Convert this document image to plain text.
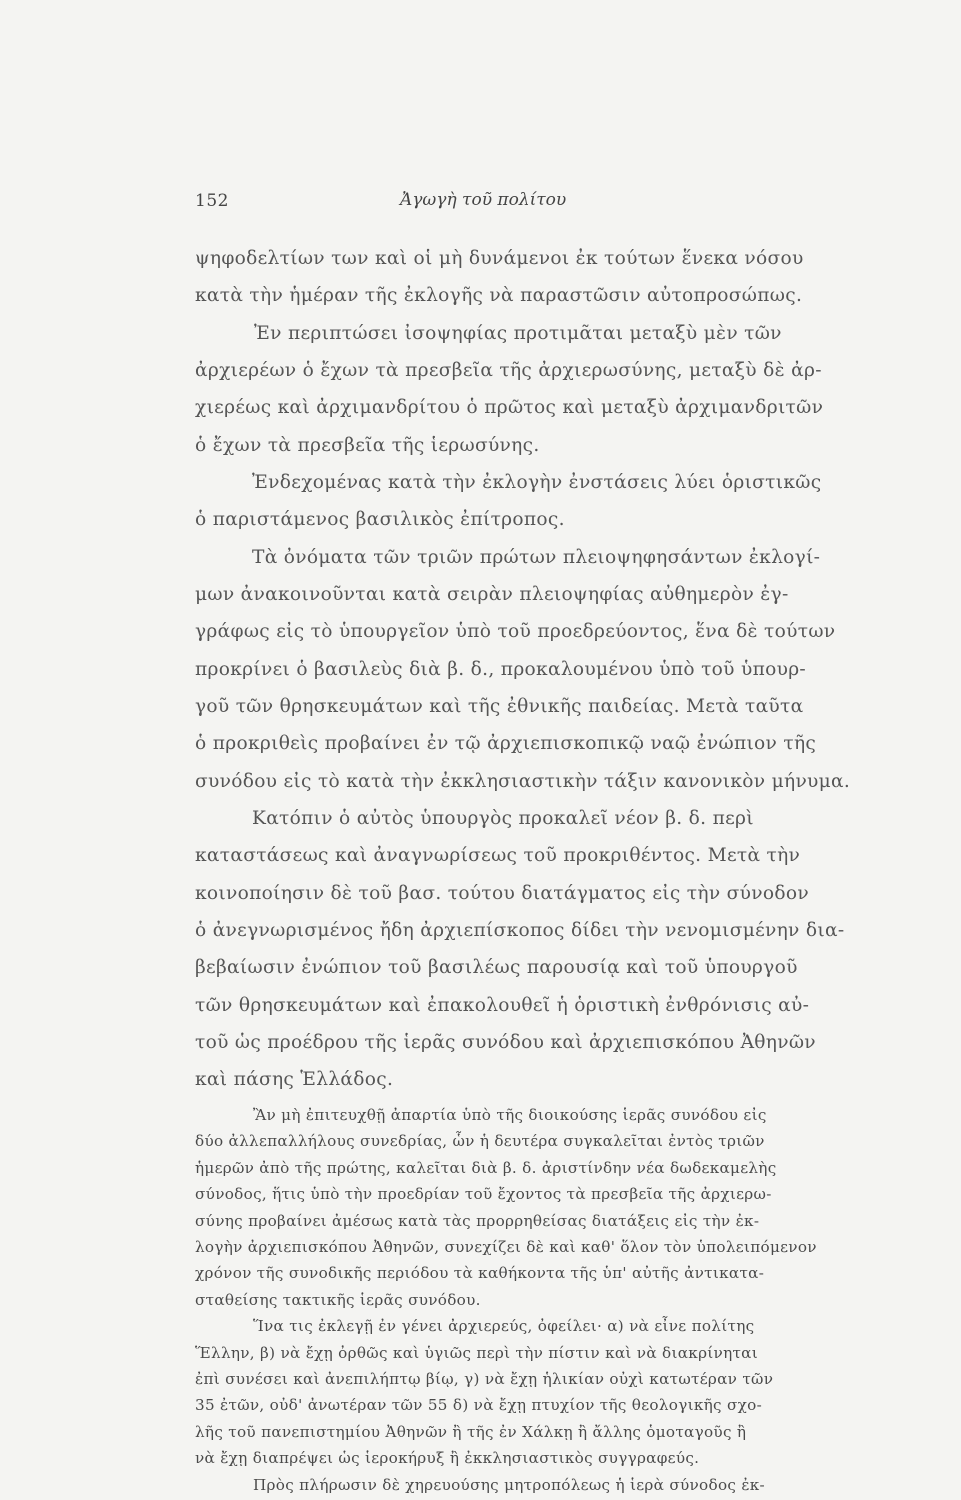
152	Ἀγωγὴ τοῦ πολίτου
ψηφοδελτίων των καὶ οἱ μὴ δυνάμενοι ἐκ τούτων ἕνεκα νόσου
κατὰ τὴν ἡμέραν τῆς ἐκλογῆς νὰ παραστῶσιν αὐτοπροσώπως.
Ἐν περιπτώσει ἰσοψηφίας προτιμᾶται μεταξὺ μὲν τῶν
ἀρχιερέων ὁ ἔχων τὰ πρεσβεῖα τῆς ἀρχιερωσύνης, μεταξὺ δὲ ἀρ-
χιερέως καὶ ἀρχιμανδρίτου ὁ πρῶτος καὶ μεταξὺ ἀρχιμανδριτῶν
ὁ ἔχων τὰ πρεσβεῖα τῆς ἱερωσύνης.
Ἐνδεχομένας κατὰ τὴν ἐκλογὴν ἐνστάσεις λύει ὁριστικῶς
ὁ παριστάμενος βασιλικὸς ἐπίτροπος.
Τὰ ὀνόματα τῶν τριῶν πρώτων πλειοψηφησάντων ἐκλογί-
μων ἀνακοινοῦνται κατὰ σειρὰν πλειοψηφίας αὐθημερὸν ἐγ-
γράφως εἰς τὸ ὑπουργεῖον ὑπὸ τοῦ προεδρεύοντος, ἕνα δὲ τούτων
προκρίνει ὁ βασιλεὺς διὰ β. δ., προκαλουμένου ὑπὸ τοῦ ὑπουρ-
γοῦ τῶν θρησκευμάτων καὶ τῆς ἐθνικῆς παιδείας. Μετὰ ταῦτα
ὁ προκριθεὶς προβαίνει ἐν τῷ ἀρχιεπισκοπικῷ ναῷ ἐνώπιον τῆς
συνόδου εἰς τὸ κατὰ τὴν ἐκκλησιαστικὴν τάξιν κανονικὸν μήνυμα.
Κατόπιν ὁ αὐτὸς ὑπουργὸς προκαλεῖ νέον β. δ. περὶ
καταστάσεως καὶ ἀναγνωρίσεως τοῦ προκριθέντος. Μετὰ τὴν
κοινοποίησιν δὲ τοῦ βασ. τούτου διατάγματος εἰς τὴν σύνοδον
ὁ ἀνεγνωρισμένος ἤδη ἀρχιεπίσκοπος δίδει τὴν νενομισμένην δια-
βεβαίωσιν ἐνώπιον τοῦ βασιλέως παρουσίᾳ καὶ τοῦ ὑπουργοῦ
τῶν θρησκευμάτων καὶ ἐπακολουθεῖ ἡ ὁριστικὴ ἐνθρόνισις αὐ-
τοῦ ὡς προέδρου τῆς ἱερᾶς συνόδου καὶ ἀρχιεπισκόπου Ἀθηνῶν
καὶ πάσης Ἑλλάδος.
Ἂν μὴ ἐπιτευχθῇ ἀπαρτία ὑπὸ τῆς διοικούσης ἱερᾶς συνόδου εἰς
δύο ἀλλεπαλλήλους συνεδρίας, ὧν ἡ δευτέρα συγκαλεῖται ἐντὸς τριῶν
ἡμερῶν ἀπὸ τῆς πρώτης, καλεῖται διὰ β. δ. ἀριστίνδην νέα δωδεκαμελὴς
σύνοδος, ἥτις ὑπὸ τὴν προεδρίαν τοῦ ἔχοντος τὰ πρεσβεῖα τῆς ἀρχιερω-
σύνης προβαίνει ἀμέσως κατὰ τὰς προρρηθείσας διατάξεις εἰς τὴν ἐκ-
λογὴν ἀρχιεπισκόπου Ἀθηνῶν, συνεχίζει δὲ καὶ καθ' ὅλον τὸν ὑπολειπόμενον
χρόνον τῆς συνοδικῆς περιόδου τὰ καθήκοντα τῆς ὑπ' αὐτῆς ἀντικατα-
σταθείσης τακτικῆς ἱερᾶς συνόδου.
Ἵνα τις ἐκλεγῇ ἐν γένει ἀρχιερεύς, ὀφείλει· α) νὰ εἶνε πολίτης
Ἕλλην, β) νὰ ἔχῃ ὀρθῶς καὶ ὑγιῶς περὶ τὴν πίστιν καὶ νὰ διακρίνηται
ἐπὶ συνέσει καὶ ἀνεπιλήπτῳ βίῳ, γ) νὰ ἔχῃ ἡλικίαν οὐχὶ κατωτέραν τῶν
35 ἐτῶν, οὐδ' ἀνωτέραν τῶν 55 δ) νὰ ἔχῃ πτυχίον τῆς θεολογικῆς σχο-
λῆς τοῦ πανεπιστημίου Ἀθηνῶν ἢ τῆς ἐν Χάλκῃ ἢ ἄλλης ὁμοταγοῦς ἢ
νὰ ἔχῃ διαπρέψει ὡς ἱεροκήρυξ ἢ ἐκκλησιαστικὸς συγγραφεύς.
Πρὸς πλήρωσιν δὲ χηρευούσης μητροπόλεως ἡ ἱερὰ σύνοδος ἐκ-
